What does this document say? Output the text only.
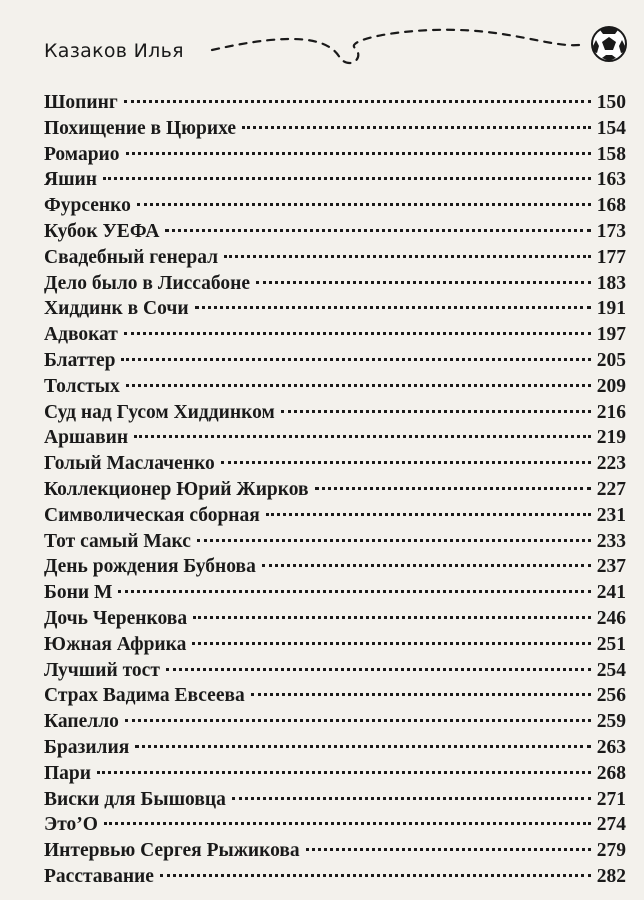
Казаков Илья
Шопинг	150
Похищение в Цюрихе	154
Ромарио	158
Яшин	163
Фурсенко	168
Кубок УЕФА	173
Свадебный генерал	177
Дело было в Лиссабоне	183
Хиддинк в Сочи	191
Адвокат	197
Блаттер	205
Толстых	209
Суд над Гусом Хиддинком	216
Аршавин	219
Голый Маслаченко	223
Коллекционер Юрий Жирков	227
Символическая сборная	231
Тот самый Макс	233
День рождения Бубнова	237
Бони М	241
Дочь Черенкова	246
Южная Африка	251
Лучший тост	254
Страх Вадима Евсеева	256
Капелло	259
Бразилия	263
Пари	268
Виски для Бышовца	271
Это’О	274
Интервью Сергея Рыжикова	279
Расставание	282
